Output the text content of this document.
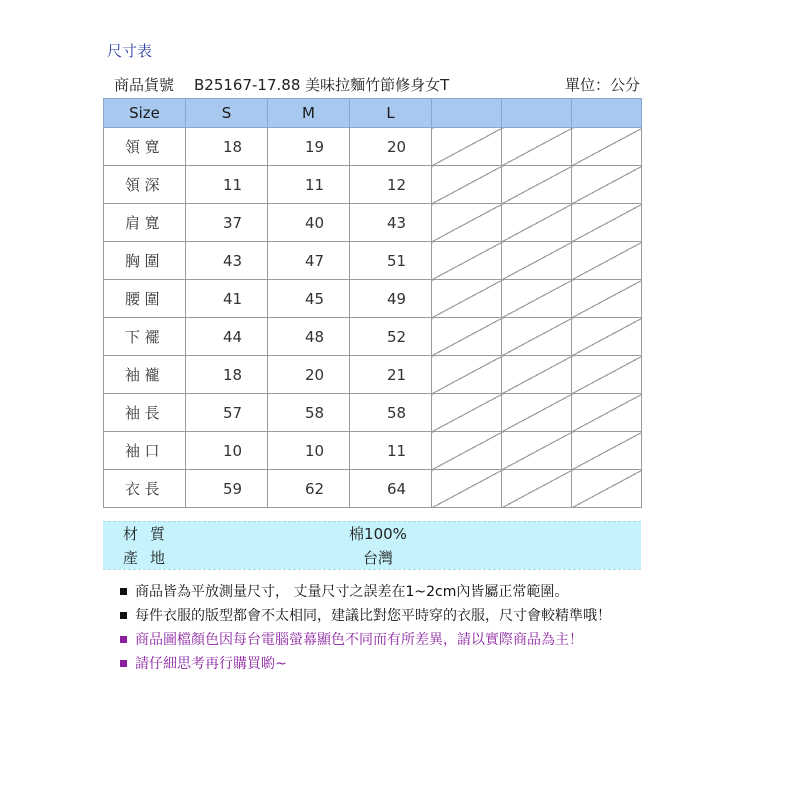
尺寸表
商品貨號 B25167-17.88 美味拉麵竹節修身女T	單位：公分
Size	S	M	L			
領寬	18	19	20			
領深	11	11	12			
肩寬	37	40	43			
胸圍	43	47	51			
腰圍	41	45	49			
下襬	44	48	52			
袖襱	18	20	21			
袖長	57	58	58			
袖口	10	10	11			
衣長	59	62	64			
材質	棉100%
產地	台灣
商品皆為平放測量尺寸， 丈量尺寸之誤差在1~2cm內皆屬正常範圍。
每件衣服的版型都會不太相同，建議比對您平時穿的衣服，尺寸會較精準哦！
商品圖檔顏色因每台電腦螢幕顯色不同而有所差異，請以實際商品為主！
請仔細思考再行購買喲~
